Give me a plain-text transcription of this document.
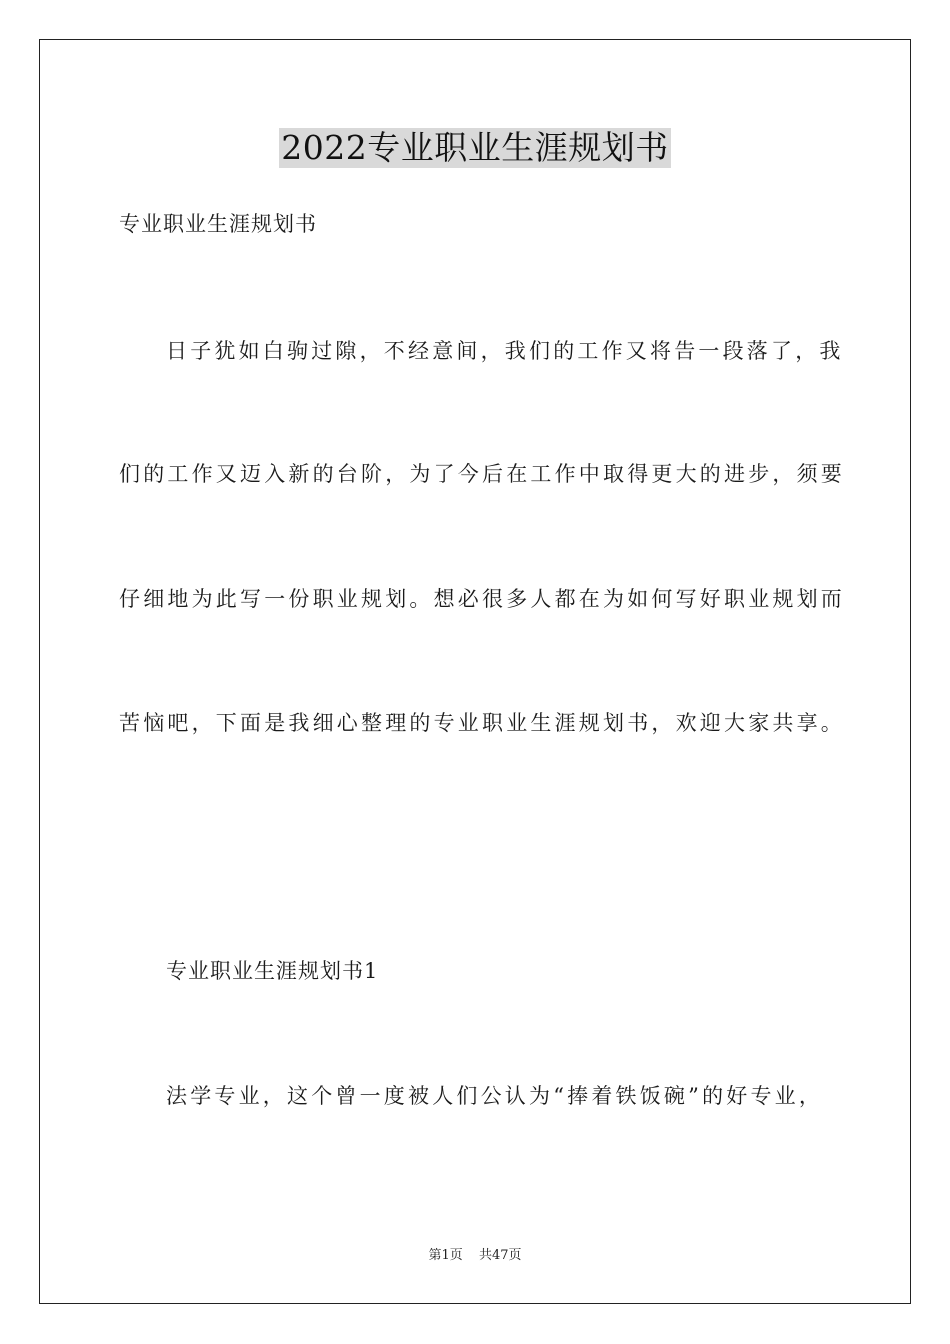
2022专业职业生涯规划书
专业职业生涯规划书
日子犹如白驹过隙，不经意间，我们的工作又将告一段落了，我
们的工作又迈入新的台阶，为了今后在工作中取得更大的进步，须要
仔细地为此写一份职业规划。想必很多人都在为如何写好职业规划而
苦恼吧，下面是我细心整理的专业职业生涯规划书，欢迎大家共享。
专业职业生涯规划书1
法学专业，这个曾一度被人们公认为“捧着铁饭碗”的好专业，
第1页 共47页
